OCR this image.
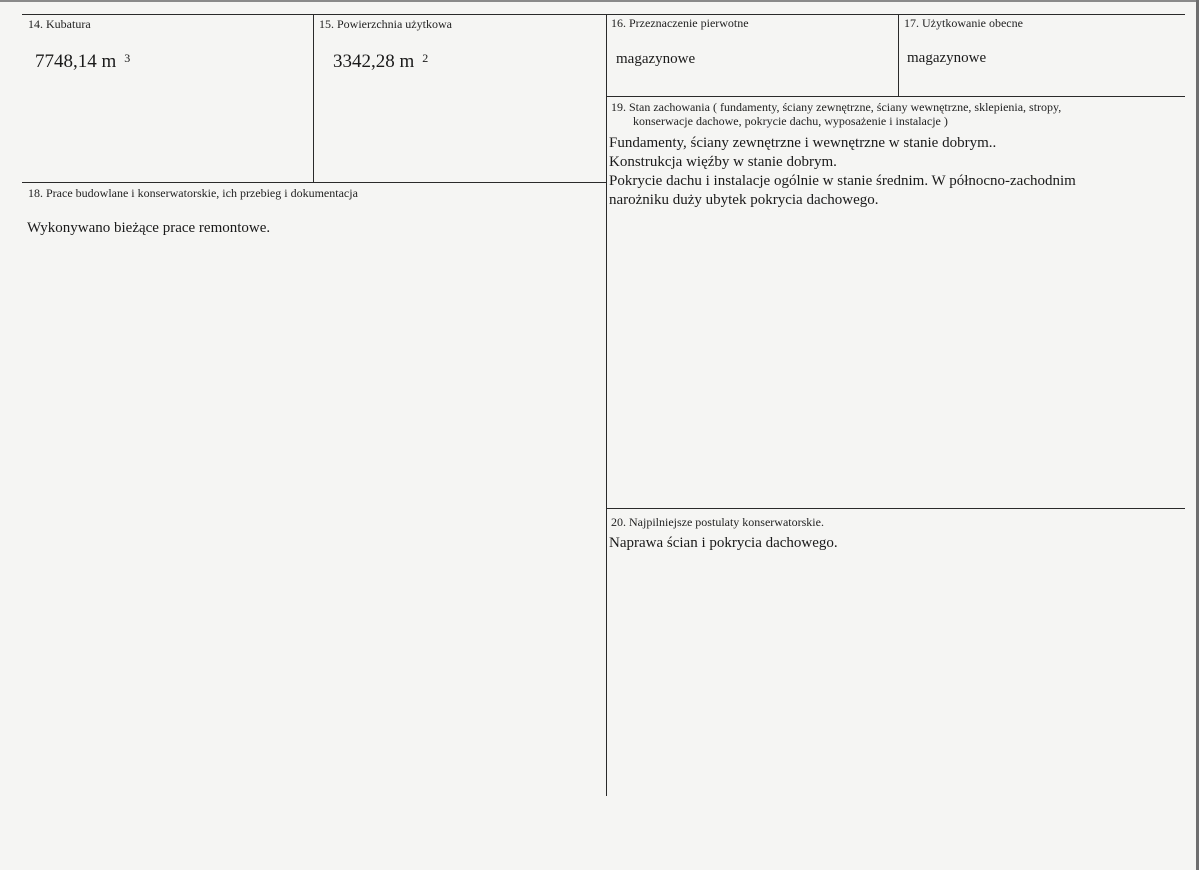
14. Kubatura
7748,14 m $^3$
15. Powierzchnia użytkowa
3342,28 m $^2$
16. Przeznaczenie pierwotne
magazynowe
17. Użytkowanie obecne
magazynowe
19. Stan zachowania ( fundamenty, ściany zewnętrzne, ściany wewnętrzne, sklepienia, stropy,
konserwacje dachowe, pokrycie dachu, wyposażenie i instalacje )
Fundamenty, ściany zewnętrzne i wewnętrzne w stanie dobrym..
Konstrukcja więźby w stanie dobrym.
Pokrycie dachu i instalacje ogólnie w stanie średnim. W północno-zachodnim
narożniku duży ubytek pokrycia dachowego.
18. Prace budowlane i konserwatorskie, ich przebieg i dokumentacja
Wykonywano bieżące prace remontowe.
20. Najpilniejsze postulaty konserwatorskie.
Naprawa ścian i pokrycia dachowego.
